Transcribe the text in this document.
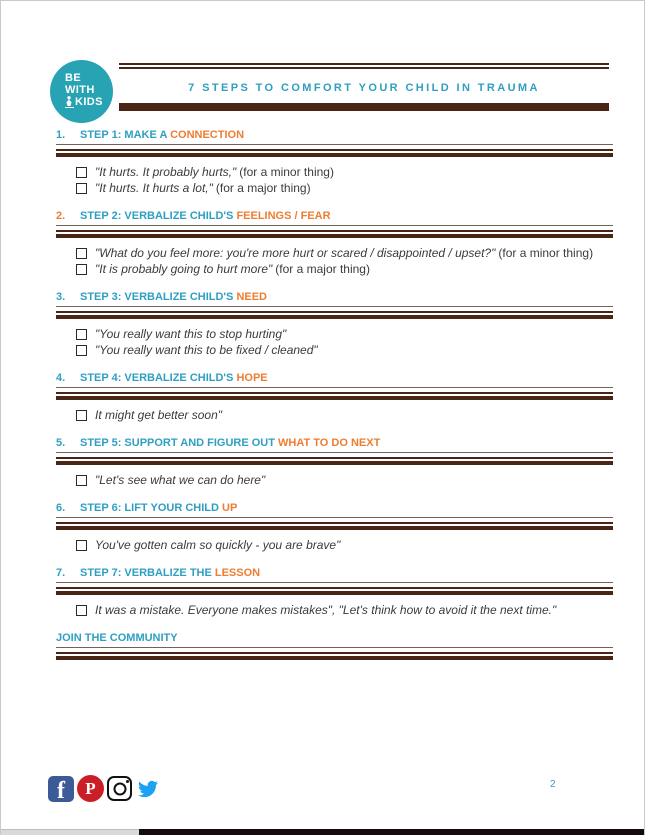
BE
WITH
KIDS
7 STEPS TO COMFORT YOUR CHILD IN TRAUMA
1. STEP 1: MAKE A CONNECTION
"It hurts. It probably hurts," (for a minor thing)
"It hurts. It hurts a lot," (for a major thing)
2. STEP 2: VERBALIZE CHILD'S FEELINGS / FEAR
"What do you feel more: you're more hurt or scared / disappointed / upset?" (for a minor thing)
"It is probably going to hurt more" (for a major thing)
3. STEP 3: VERBALIZE CHILD'S NEED
"You really want this to stop hurting"
"You really want this to be fixed / cleaned"
4. STEP 4: VERBALIZE CHILD'S HOPE
It might get better soon"
5. STEP 5: SUPPORT AND FIGURE OUT WHAT TO DO NEXT
"Let's see what we can do here"
6. STEP 6: LIFT YOUR CHILD UP
You've gotten calm so quickly - you are brave"
7. STEP 7: VERBALIZE THE LESSON
It was a mistake. Everyone makes mistakes", "Let's think how to avoid it the next time."
JOIN THE COMMUNITY
f P	2
